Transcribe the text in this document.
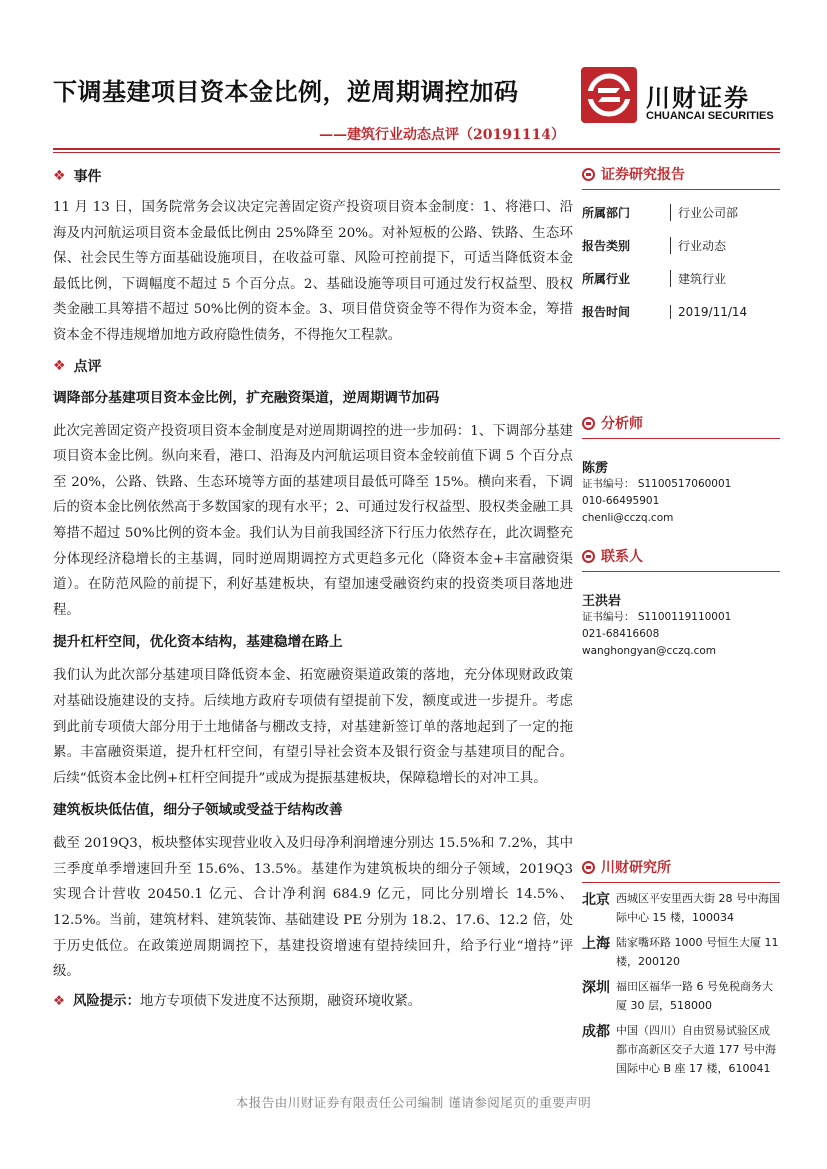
下调基建项目资本金比例，逆周期调控加码
——建筑行业动态点评（20191114）
川财证券
CHUANCAI SECURITIES
❖ 事件

11 月 13 日，国务院常务会议决定完善固定资产投资项目资本金制度：1、将港口、沿海及内河航运项目资本金最低比例由 25%降至 20%。对补短板的公路、铁路、生态环保、社会民生等方面基础设施项目，在收益可靠、风险可控前提下，可适当降低资本金最低比例，下调幅度不超过 5 个百分点。2、基础设施等项目可通过发行权益型、股权类金融工具筹措不超过 50%比例的资本金。3、项目借贷资金等不得作为资本金，筹措资本金不得违规增加地方政府隐性债务，不得拖欠工程款。

❖ 点评
调降部分基建项目资本金比例，扩充融资渠道，逆周期调节加码

此次完善固定资产投资项目资本金制度是对逆周期调控的进一步加码：1、下调部分基建项目资本金比例。纵向来看，港口、沿海及内河航运项目资本金较前值下调 5 个百分点至 20%，公路、铁路、生态环境等方面的基建项目最低可降至 15%。横向来看，下调后的资本金比例依然高于多数国家的现有水平；2、可通过发行权益型、股权类金融工具筹措不超过 50%比例的资本金。我们认为目前我国经济下行压力依然存在，此次调整充分体现经济稳增长的主基调，同时逆周期调控方式更趋多元化（降资本金+丰富融资渠道）。在防范风险的前提下，利好基建板块，有望加速受融资约束的投资类项目落地进程。

提升杠杆空间，优化资本结构，基建稳增在路上

我们认为此次部分基建项目降低资本金、拓宽融资渠道政策的落地，充分体现财政政策对基础设施建设的支持。后续地方政府专项债有望提前下发，额度或进一步提升。考虑到此前专项债大部分用于土地储备与棚改支持，对基建新签订单的落地起到了一定的拖累。丰富融资渠道，提升杠杆空间，有望引导社会资本及银行资金与基建项目的配合。后续“低资本金比例+杠杆空间提升”或成为提振基建板块，保障稳增长的对冲工具。

建筑板块低估值，细分子领域或受益于结构改善

截至 2019Q3，板块整体实现营业收入及归母净利润增速分别达 15.5%和 7.2%，其中三季度单季增速回升至 15.6%、13.5%。基建作为建筑板块的细分子领域，2019Q3 实现合计营收 20450.1 亿元、合计净利润 684.9 亿元，同比分别增长 14.5%、12.5%。当前，建筑材料、建筑装饰、基础建设 PE 分别为 18.2、17.6、12.2 倍，处于历史低位。在政策逆周期调控下，基建投资增速有望持续回升，给予行业“增持”评级。

❖ 风险提示：地方专项债下发进度不达预期，融资环境收紧。
证券研究报告
所属部门	行业公司部
报告类别	行业动态
所属行业	建筑行业
报告时间	2019/11/14
分析师
陈雳
证书编号： S1100517060001
010-66495901
chenli@cczq.com
联系人
王洪岩
证书编号： S1100119110001
021-68416608
wanghongyan@cczq.com
川财研究所
北京 西城区平安里西大街 28 号中海国际中心 15 楼，100034
上海 陆家嘴环路 1000 号恒生大厦 11 楼，200120
深圳 福田区福华一路 6 号免税商务大厦 30 层，518000
成都 中国（四川）自由贸易试验区成都市高新区交子大道 177 号中海国际中心 B 座 17 楼，610041
本报告由川财证券有限责任公司编制 谨请参阅尾页的重要声明
